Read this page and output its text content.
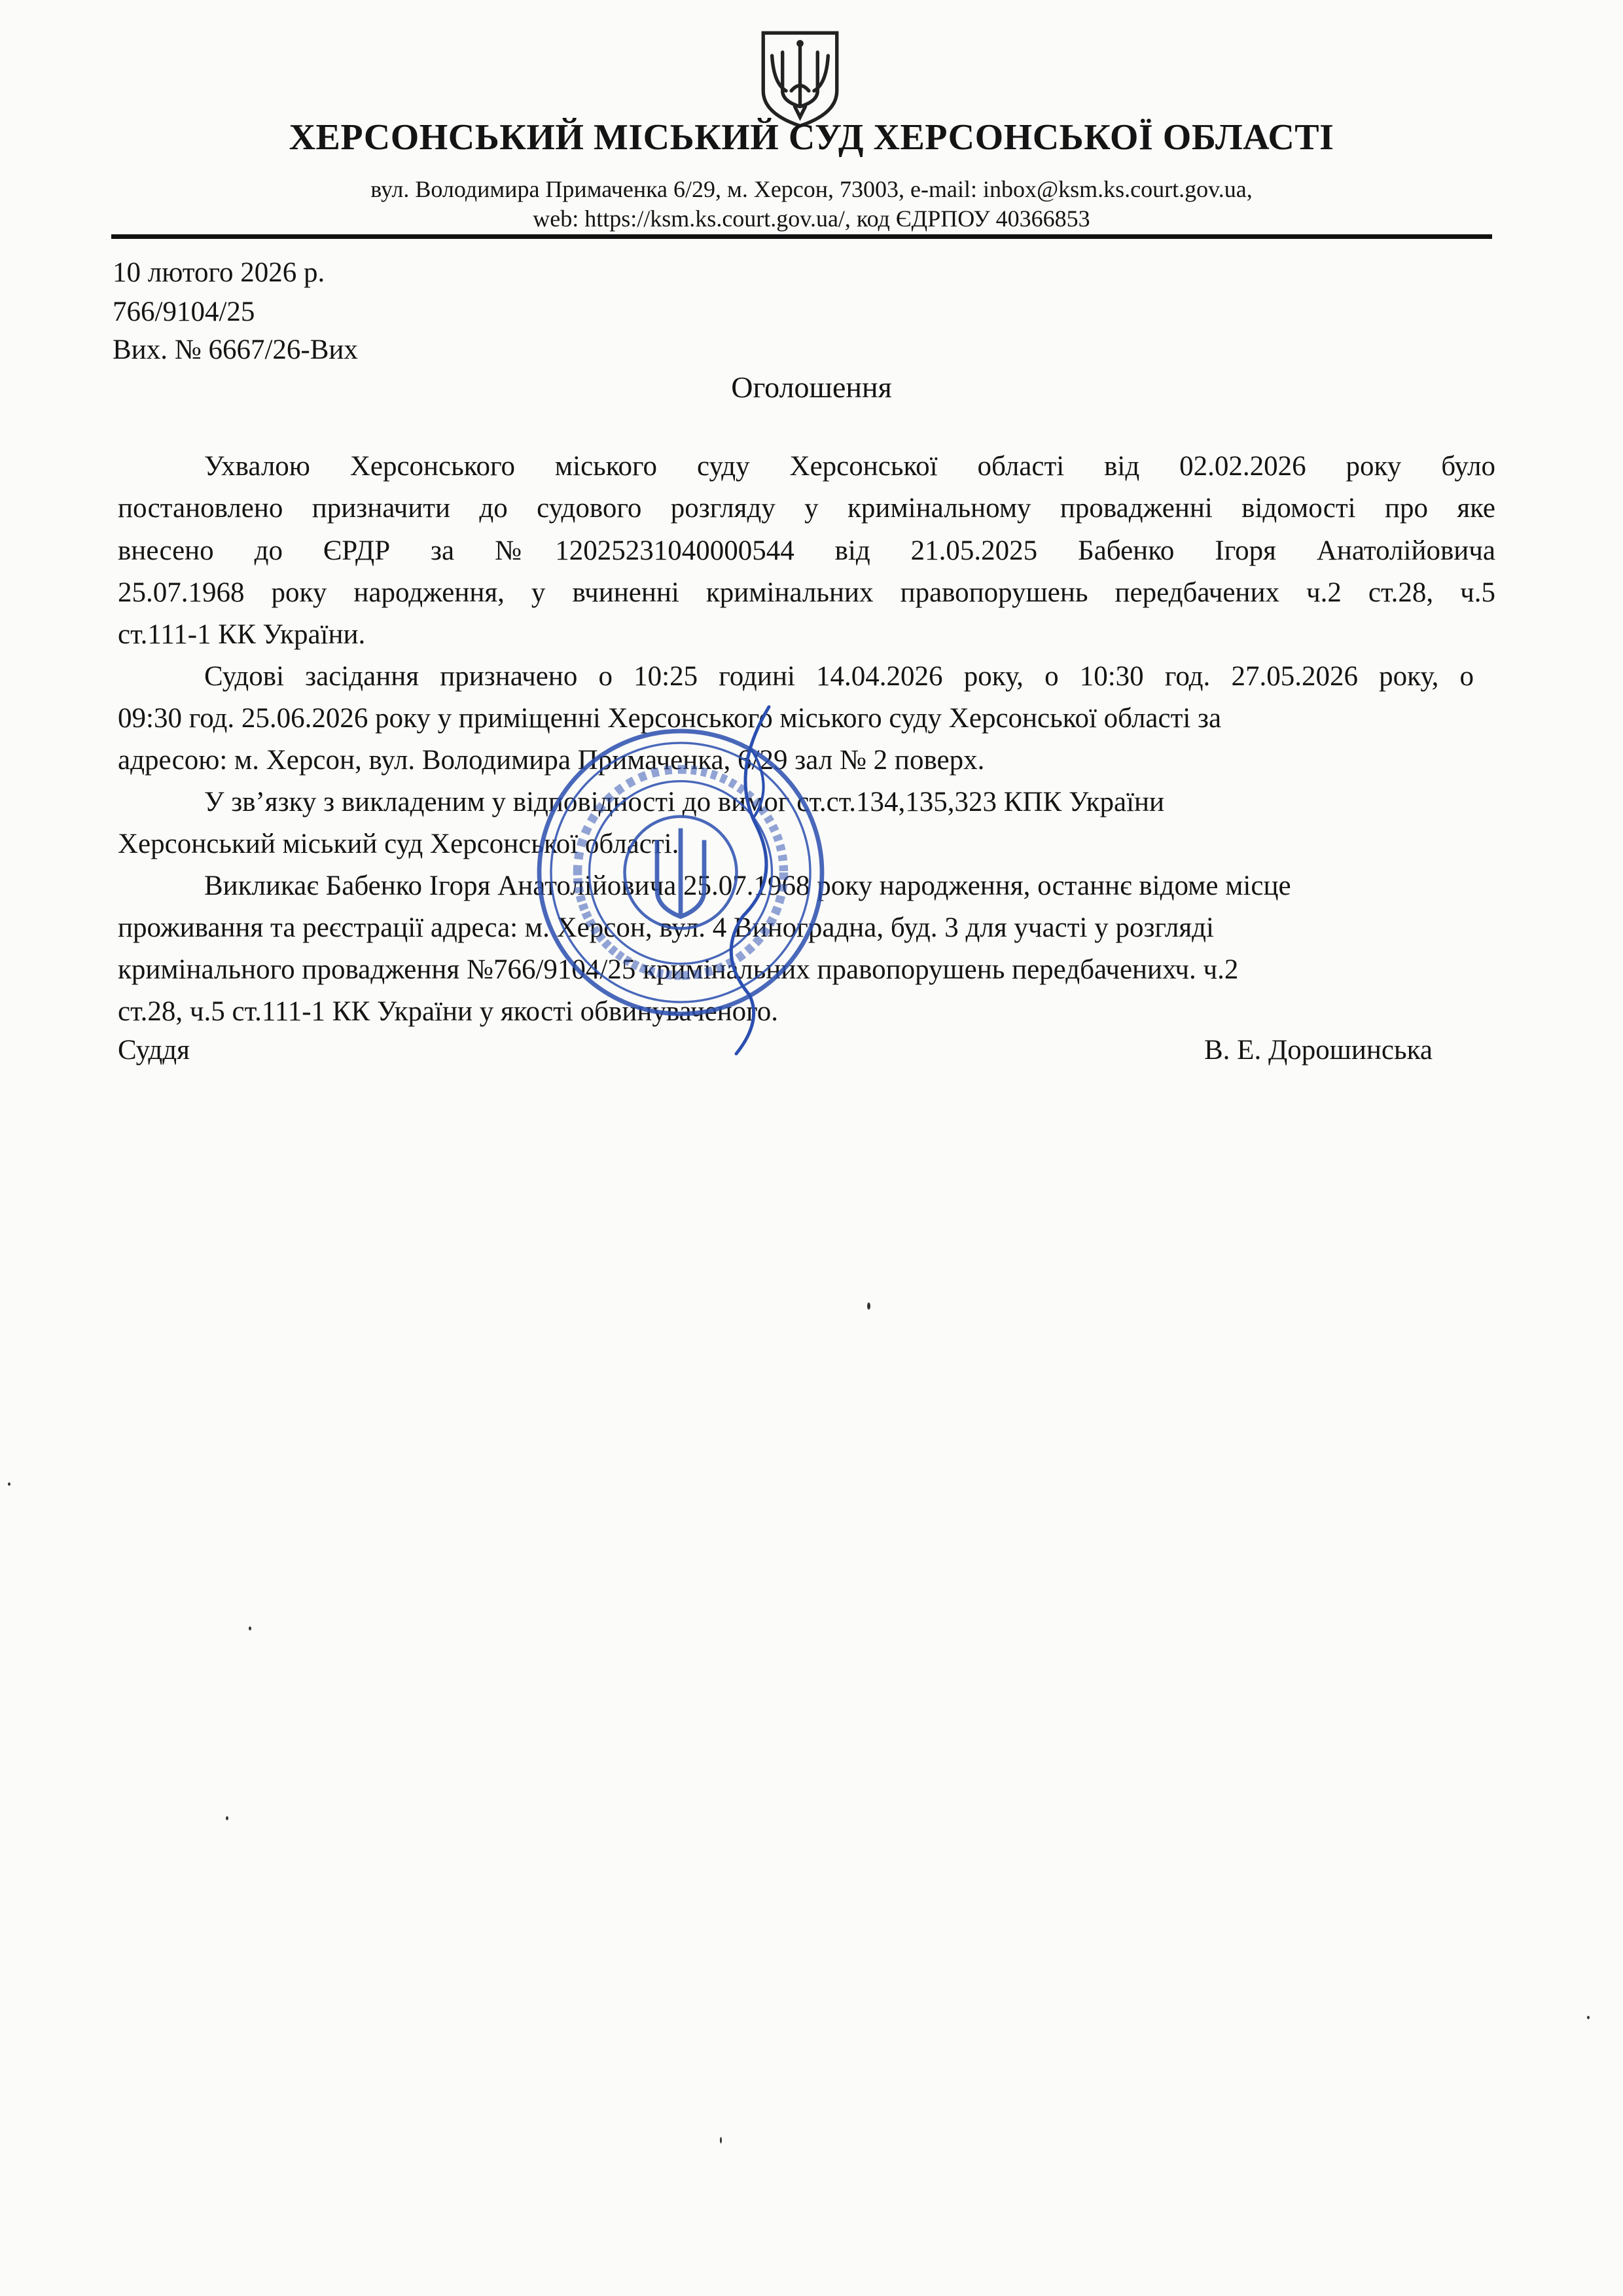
ХЕРСОНСЬКИЙ МІСЬКИЙ СУД ХЕРСОНСЬКОЇ ОБЛАСТІ
вул. Володимира Примаченка 6/29, м. Херсон, 73003, e-mail: inbox@ksm.ks.court.gov.ua,
web: https://ksm.ks.court.gov.ua/, код ЄДРПОУ 40366853
10 лютого 2026 р.
766/9104/25
Вих. № 6667/26-Вих
Оголошення
Ухвалою Херсонського міського суду Херсонської області від 02.02.2026 року було
постановлено призначити до судового розгляду у кримінальному провадженні відомості про яке
внесено до ЄРДР за №12025231040000544 від 21.05.2025 Бабенко Ігоря Анатолійовича
25.07.1968 року народження, у вчиненні кримінальних правопорушень передбачених ч.2 ст.28, ч.5
ст.111-1 КК України.
Судові засідання призначено о 10:25 годині 14.04.2026 року, о 10:30 год. 27.05.2026 року, о
09:30 год. 25.06.2026 року у приміщенні Херсонського міського суду Херсонської області за
адресою: м. Херсон, вул. Володимира Примаченка, 6/29 зал № 2 поверх.
У зв’язку з викладеним у відповідності до вимог ст.ст.134,135,323 КПК України
Херсонський міський суд Херсонської області.
Викликає Бабенко Ігоря Анатолійовича 25.07.1968 року народження, останнє відоме місце
проживання та реєстрації адреса: м. Херсон, вул. 4 Виноградна, буд. 3 для участі у розгляді
кримінального провадження №766/9104/25 кримінальних правопорушень передбаченихч. ч.2
ст.28, ч.5 ст.111-1 КК України у якості обвинуваченого.
Суддя	В. Е. Дорошинська
